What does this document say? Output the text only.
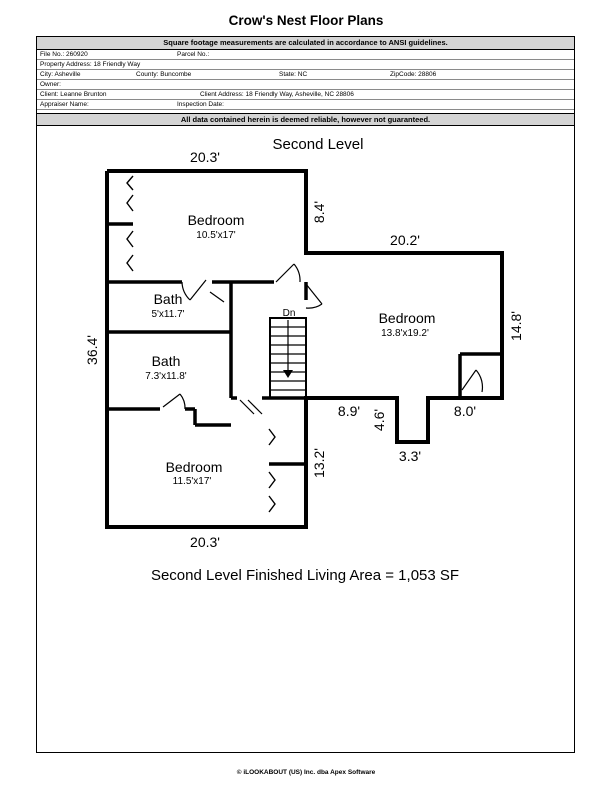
Crow's Nest Floor Plans
Square footage measurements are calculated in accordance to ANSI guidelines.
File No.: 260920	Parcel No.:
Property Address: 18 Friendly Way
City: Asheville	County: Buncombe	State: NC	ZipCode: 28806
Owner:
Client: Leanne Brunton	Client Address: 18 Friendly Way, Asheville, NC 28806
Appraiser Name:	Inspection Date:
All data contained herein is deemed reliable, however not guaranteed.
Second Level
Dn
Bedroom
10.5'x17'
Bath
5'x11.7'
Bath
7.3'x11.8'
Bedroom
11.5'x17'
Bedroom
13.8'x19.2'
20.3'
20.3'
20.2'
8.9'	8.0'
3.3'
36.4'
8.4'
13.2'
14.8'
4.6'
Second Level Finished Living Area = 1,053 SF
© iLOOKABOUT (US) Inc. dba Apex Software
